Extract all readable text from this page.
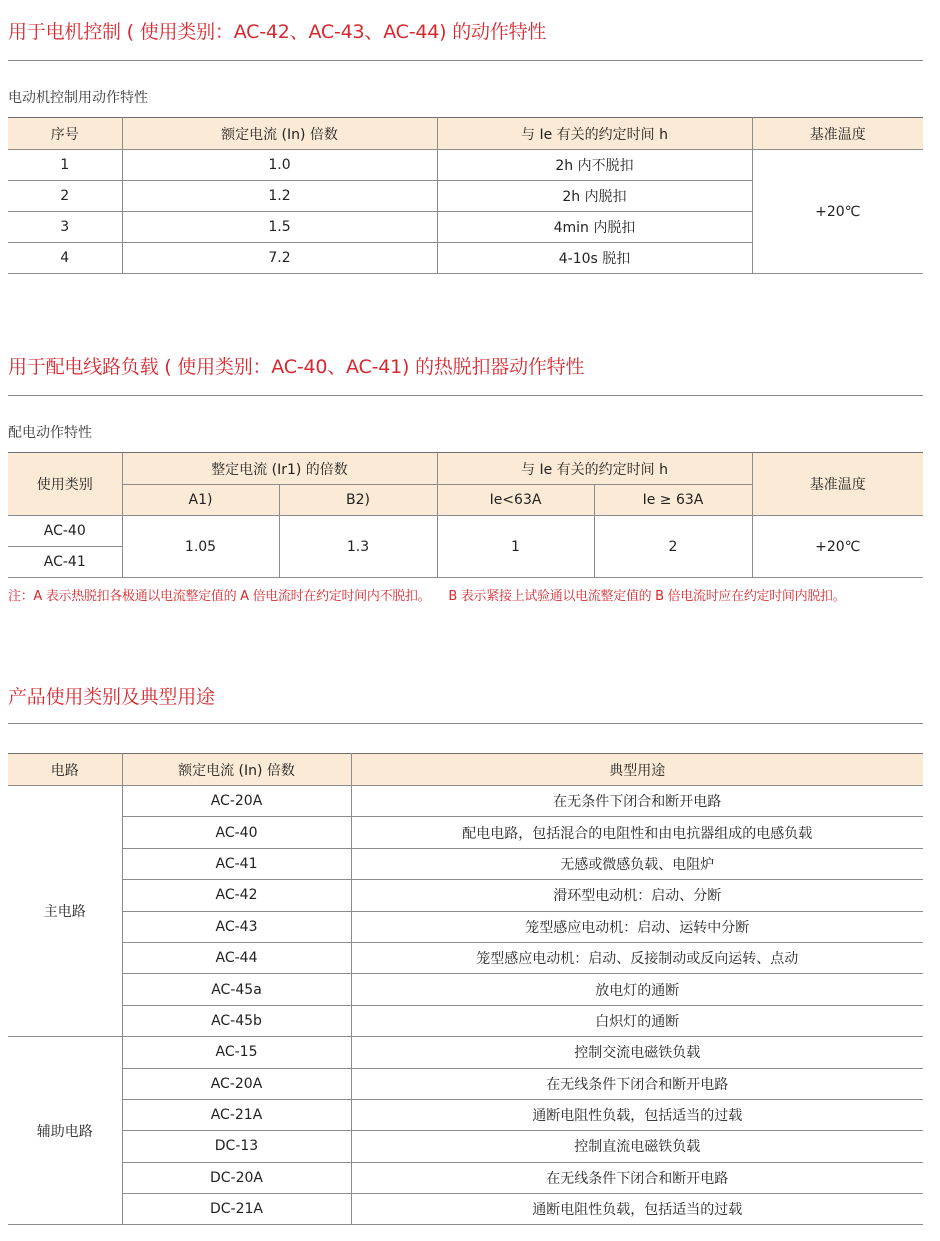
用于电机控制 ( 使用类别：AC-42、AC-43、AC-44) 的动作特性
电动机控制用动作特性
序号	额定电流 (In) 倍数	与 Ie 有关的约定时间 h	基准温度
1	1.0	2h 内不脱扣	+20℃
2	1.2	2h 内脱扣	
3	1.5	4min 内脱扣	
4	7.2	4-10s 脱扣	
用于配电线路负载 ( 使用类别：AC-40、AC-41) 的热脱扣器动作特性
配电动作特性
使用类别	整定电流 (Ir1) 的倍数		与 Ie 有关的约定时间 h		基准温度
	A1)	B2)	Ie<63A	Ie ≥ 63A	
AC-40	1.05	1.3	1	2	+20℃
AC-41					

注：A 表示热脱扣各极通以电流整定值的 A 倍电流时在约定时间内不脱扣。 B 表示紧接上试验通以电流整定值的 B 倍电流时应在约定时间内脱扣。

产品使用类别及典型用途
电路	额定电流 (In) 倍数	典型用途
主电路	AC-20A	在无条件下闭合和断开电路
	AC-40	配电电路，包括混合的电阻性和由电抗器组成的电感负载
	AC-41	无感或微感负载、电阻炉
	AC-42	滑环型电动机：启动、分断
	AC-43	笼型感应电动机：启动、运转中分断
	AC-44	笼型感应电动机：启动、反接制动或反向运转、点动
	AC-45a	放电灯的通断
	AC-45b	白炽灯的通断
辅助电路	AC-15	控制交流电磁铁负载
	AC-20A	在无线条件下闭合和断开电路
	AC-21A	通断电阻性负载，包括适当的过载
	DC-13	控制直流电磁铁负载
	DC-20A	在无线条件下闭合和断开电路
	DC-21A	通断电阻性负载，包括适当的过载
